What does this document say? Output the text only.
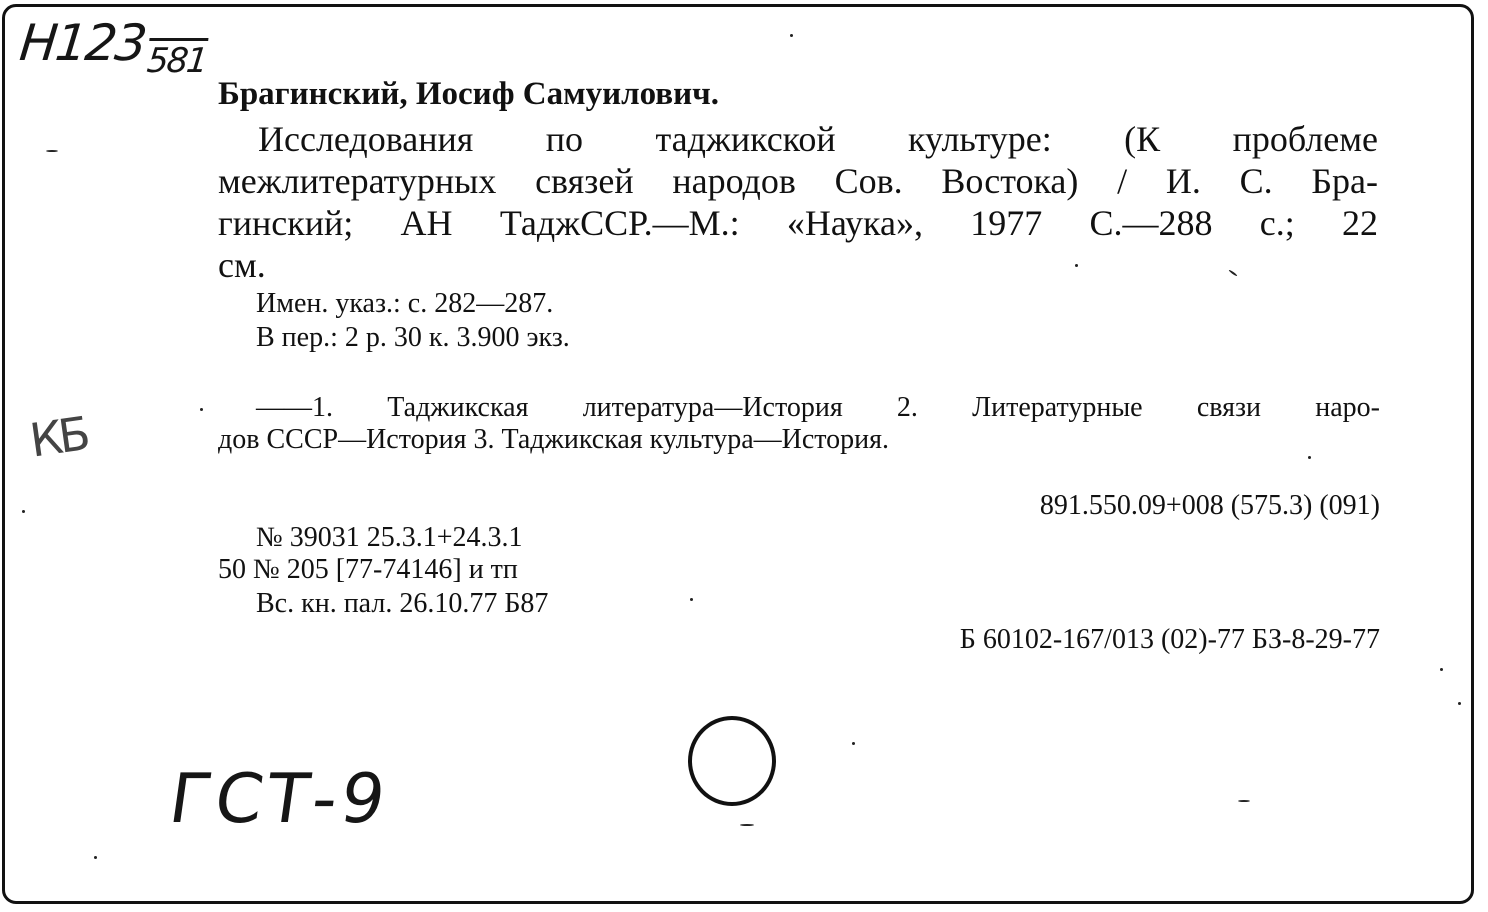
$Н123_{581}$
КБ
ГСТ-9
Брагинский, Иосиф Самуилович.
Исследования по таджикской культуре: (К проблеме
межлитературных связей народов Сов. Востока) / И. С. Бра-
гинский; АН ТаджССР.—М.: «Наука», 1977 С.—288 с.; 22
см.
Имен. указ.: с. 282—287.
В пер.: 2 р. 30 к. 3.900 экз.
——1. Таджикская литература—История 2. Литературные связи наро-
дов СССР—История 3. Таджикская культура—История.
891.550.09+008 (575.3) (091)
№ 39031 25.3.1+24.3.1
50 № 205 [77-74146] и тп
Вс. кн. пал. 26.10.77 Б87
Б 60102-167/013 (02)-77 БЗ-8-29-77
